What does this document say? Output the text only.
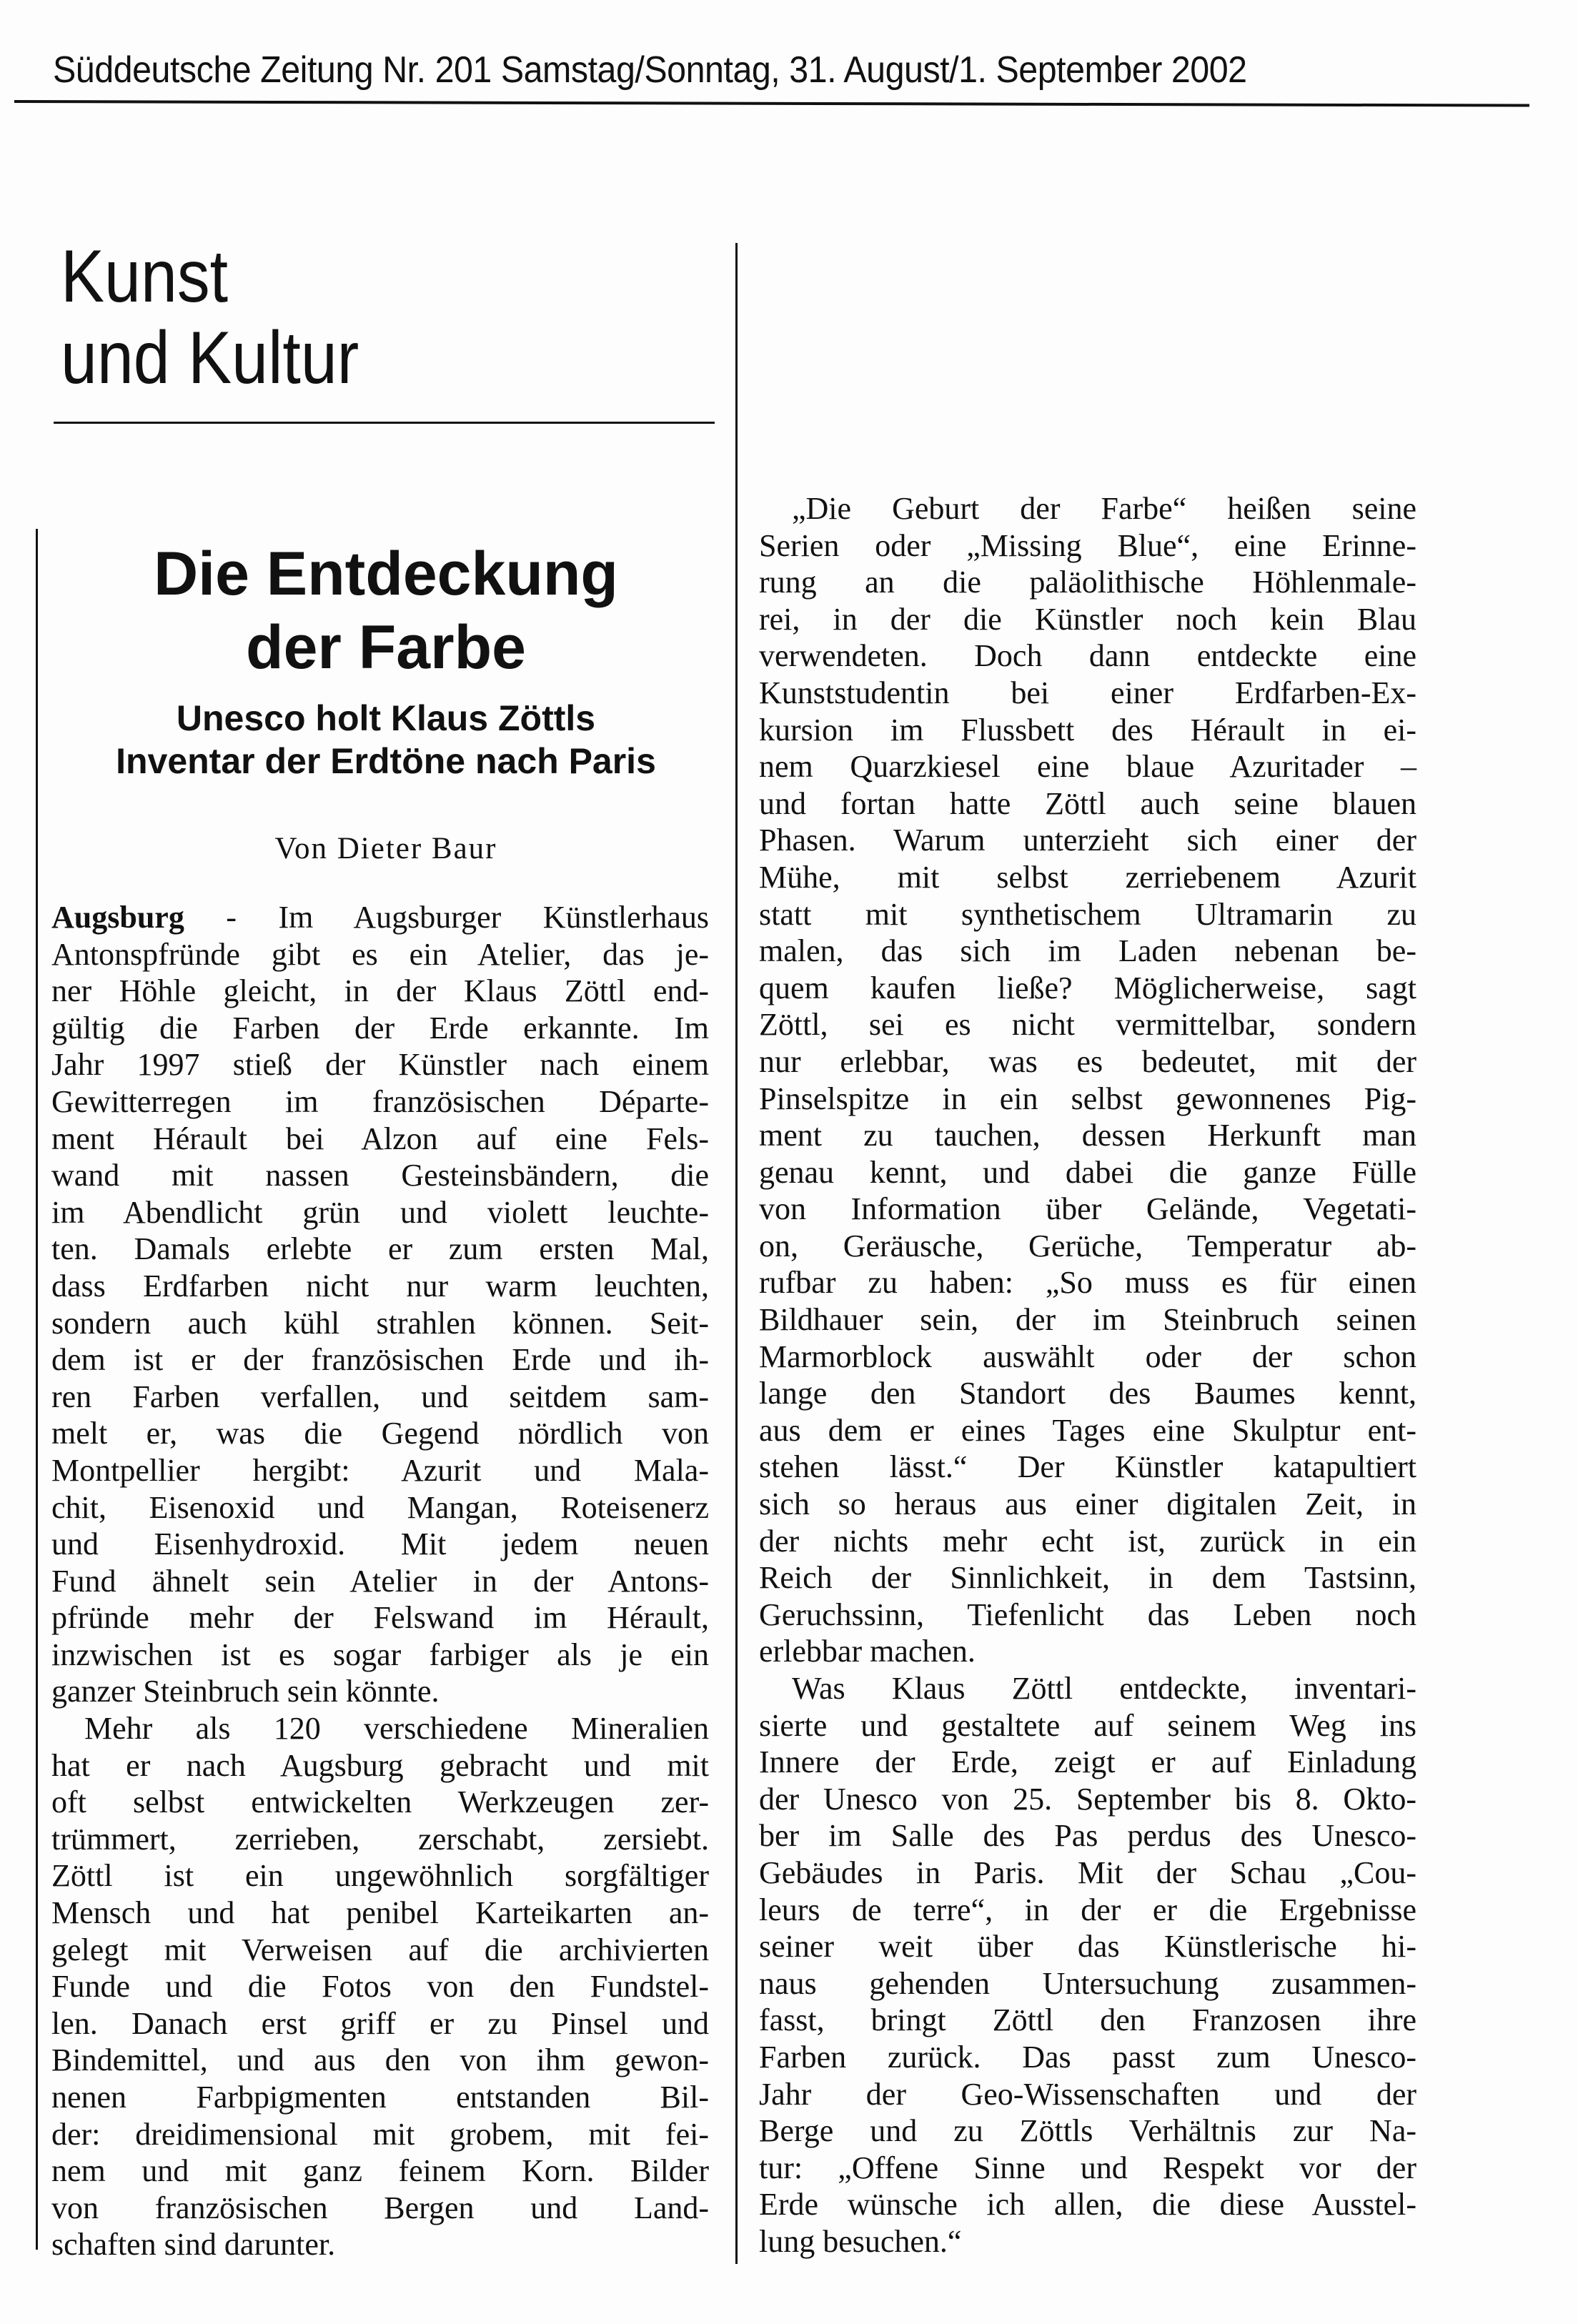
Süddeutsche Zeitung Nr. 201 Samstag/Sonntag, 31. August/1. September 2002
Kunst
und Kultur
Die Entdeckung
der Farbe
Unesco holt Klaus Zöttls
Inventar der Erdtöne nach Paris
Von Dieter Baur
Augsburg - Im Augsburger Künstlerhaus
Antonspfründe gibt es ein Atelier, das je-
ner Höhle gleicht, in der Klaus Zöttl end-
gültig die Farben der Erde erkannte. Im
Jahr 1997 stieß der Künstler nach einem
Gewitterregen im französischen Départe-
ment Hérault bei Alzon auf eine Fels-
wand mit nassen Gesteinsbändern, die
im Abendlicht grün und violett leuchte-
ten. Damals erlebte er zum ersten Mal,
dass Erdfarben nicht nur warm leuchten,
sondern auch kühl strahlen können. Seit-
dem ist er der französischen Erde und ih-
ren Farben verfallen, und seitdem sam-
melt er, was die Gegend nördlich von
Montpellier hergibt: Azurit und Mala-
chit, Eisenoxid und Mangan, Roteisenerz
und Eisenhydroxid. Mit jedem neuen
Fund ähnelt sein Atelier in der Antons-
pfründe mehr der Felswand im Hérault,
inzwischen ist es sogar farbiger als je ein
ganzer Steinbruch sein könnte.
Mehr als 120 verschiedene Mineralien
hat er nach Augsburg gebracht und mit
oft selbst entwickelten Werkzeugen zer-
trümmert, zerrieben, zerschabt, zersiebt.
Zöttl ist ein ungewöhnlich sorgfältiger
Mensch und hat penibel Karteikarten an-
gelegt mit Verweisen auf die archivierten
Funde und die Fotos von den Fundstel-
len. Danach erst griff er zu Pinsel und
Bindemittel, und aus den von ihm gewon-
nenen Farbpigmenten entstanden Bil-
der: dreidimensional mit grobem, mit fei-
nem und mit ganz feinem Korn. Bilder
von französischen Bergen und Land-
schaften sind darunter.
„Die Geburt der Farbe“ heißen seine
Serien oder „Missing Blue“, eine Erinne-
rung an die paläolithische Höhlenmale-
rei, in der die Künstler noch kein Blau
verwendeten. Doch dann entdeckte eine
Kunststudentin bei einer Erdfarben-Ex-
kursion im Flussbett des Hérault in ei-
nem Quarzkiesel eine blaue Azuritader –
und fortan hatte Zöttl auch seine blauen
Phasen. Warum unterzieht sich einer der
Mühe, mit selbst zerriebenem Azurit
statt mit synthetischem Ultramarin zu
malen, das sich im Laden nebenan be-
quem kaufen ließe? Möglicherweise, sagt
Zöttl, sei es nicht vermittelbar, sondern
nur erlebbar, was es bedeutet, mit der
Pinselspitze in ein selbst gewonnenes Pig-
ment zu tauchen, dessen Herkunft man
genau kennt, und dabei die ganze Fülle
von Information über Gelände, Vegetati-
on, Geräusche, Gerüche, Temperatur ab-
rufbar zu haben: „So muss es für einen
Bildhauer sein, der im Steinbruch seinen
Marmorblock auswählt oder der schon
lange den Standort des Baumes kennt,
aus dem er eines Tages eine Skulptur ent-
stehen lässt.“ Der Künstler katapultiert
sich so heraus aus einer digitalen Zeit, in
der nichts mehr echt ist, zurück in ein
Reich der Sinnlichkeit, in dem Tastsinn,
Geruchssinn, Tiefenlicht das Leben noch
erlebbar machen.
Was Klaus Zöttl entdeckte, inventari-
sierte und gestaltete auf seinem Weg ins
Innere der Erde, zeigt er auf Einladung
der Unesco von 25. September bis 8. Okto-
ber im Salle des Pas perdus des Unesco-
Gebäudes in Paris. Mit der Schau „Cou-
leurs de terre“, in der er die Ergebnisse
seiner weit über das Künstlerische hi-
naus gehenden Untersuchung zusammen-
fasst, bringt Zöttl den Franzosen ihre
Farben zurück. Das passt zum Unesco-
Jahr der Geo-Wissenschaften und der
Berge und zu Zöttls Verhältnis zur Na-
tur: „Offene Sinne und Respekt vor der
Erde wünsche ich allen, die diese Ausstel-
lung besuchen.“
